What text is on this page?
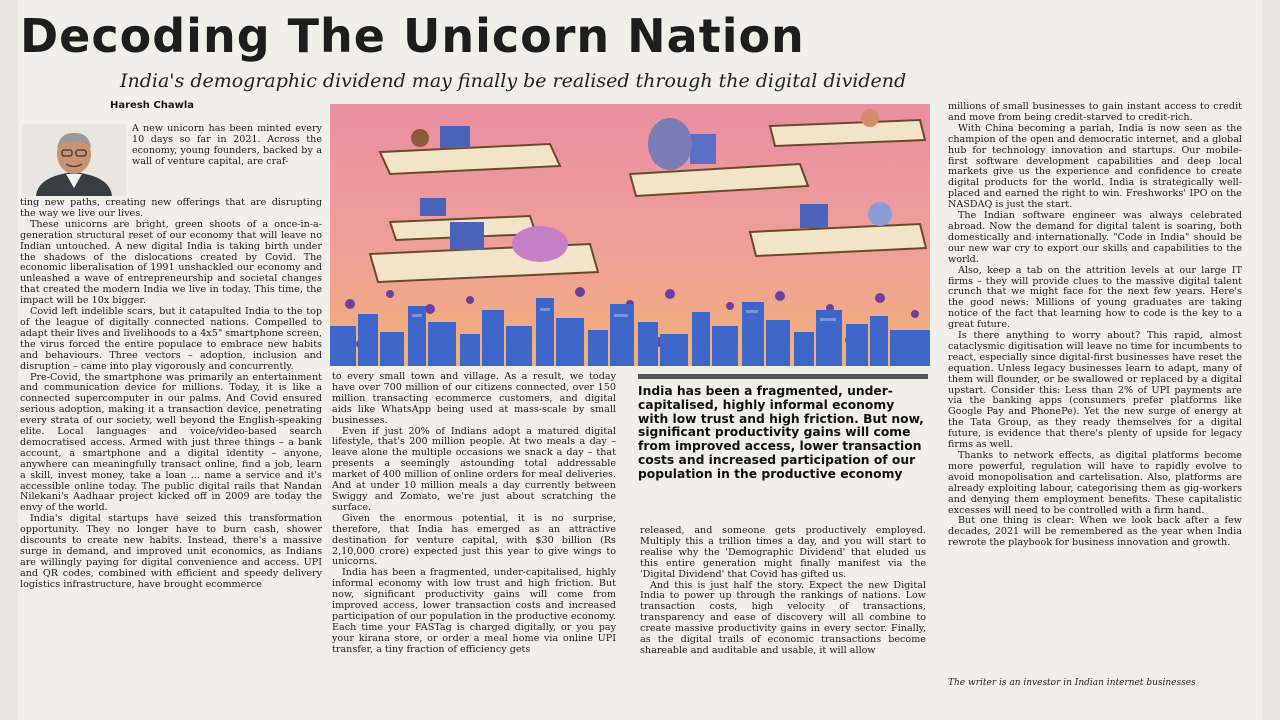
Decoding The Unicorn Nation
India's demographic dividend may finally be realised through the digital dividend
Haresh Chawla

A new unicorn has been minted every 10 days so far in 2021. Across the economy, young founders, backed by a wall of venture capital, are craf-

ting new paths, creating new offerings that are disrupting the way we live our lives.

These unicorns are bright, green shoots of a once-in-a-generation structural reset of our economy that will leave no Indian untouched. A new digital India is taking birth under the shadows of the dislocations created by Covid. The economic liberalisation of 1991 unshackled our economy and unleashed a wave of entrepreneurship and societal changes that created the modern India we live in today. This time, the impact will be 10x bigger.

Covid left indelible scars, but it catapulted India to the top of the league of digitally connected nations. Compelled to adapt their lives and livelihoods to a 4x5" smartphone screen, the virus forced the entire populace to embrace new habits and behaviours. Three vectors – adoption, inclusion and disruption – came into play vigorously and concurrently.

Pre-Covid, the smartphone was primarily an entertainment and communication device for millions. Today, it is like a connected supercomputer in our palms. And Covid ensured serious adoption, making it a transaction device, penetrating every strata of our society, well beyond the English-speaking elite. Local languages and voice/video-based search democratised access. Armed with just three things – a bank account, a smartphone and a digital identity – anyone, anywhere can meaningfully transact online, find a job, learn a skill, invest money, take a loan ... name a service and it's accessible online today. The public digital rails that Nandan Nilekani's Aadhaar project kicked off in 2009 are today the envy of the world.

India's digital startups have seized this transformation opportunity. They no longer have to burn cash, shower discounts to create new habits. Instead, there's a massive surge in demand, and improved unit economics, as Indians are willingly paying for digital convenience and access. UPI and QR codes, combined with efficient and speedy delivery logistics infrastructure, have brought ecommerce

to every small town and village. As a result, we today have over 700 million of our citizens connected, over 150 million transacting ecommerce customers, and digital aids like WhatsApp being used at mass-scale by small businesses.

Even if just 20% of Indians adopt a matured digital lifestyle, that's 200 million people. At two meals a day – leave alone the multiple occasions we snack a day – that presents a seemingly astounding total addressable market of 400 million of online orders for meal deliveries. And at under 10 million meals a day currently between Swiggy and Zomato, we're just about scratching the surface.

Given the enormous potential, it is no surprise, therefore, that India has emerged as an attractive destination for venture capital, with $30 billion (Rs 2,10,000 crore) expected just this year to give wings to unicorns.

India has been a fragmented, under-capitalised, highly informal economy with low trust and high friction. But now, significant productivity gains will come from improved access, lower transaction costs and increased participation of our population in the productive economy. Each time your FASTag is charged digitally, or you pay your kirana store, or order a meal home via online UPI transfer, a tiny fraction of efficiency gets

India has been a fragmented, under-capitalised, highly informal economy with low trust and high friction. But now, significant productivity gains will come from improved access, lower transaction costs and increased participation of our population in the productive economy

released, and someone gets productively employed. Multiply this a trillion times a day, and you will start to realise why the 'Demographic Dividend' that eluded us this entire generation might finally manifest via the 'Digital Dividend' that Covid has gifted us.

And this is just half the story. Expect the new Digital India to power up through the rankings of nations. Low transaction costs, high velocity of transactions, transparency and ease of discovery will all combine to create massive productivity gains in every sector. Finally, as the digital trails of economic transactions become shareable and auditable and usable, it will allow

millions of small businesses to gain instant access to credit and move from being credit-starved to credit-rich.

With China becoming a pariah, India is now seen as the champion of the open and democratic internet, and a global hub for technology innovation and startups. Our mobile-first software development capabilities and deep local markets give us the experience and confidence to create digital products for the world. India is strategically well-placed and earned the right to win. Freshworks' IPO on the NASDAQ is just the start.

The Indian software engineer was always celebrated abroad. Now the demand for digital talent is soaring, both domestically and internationally. "Code in India" should be our new war cry to export our skills and capabilities to the world.

Also, keep a tab on the attrition levels at our large IT firms – they will provide clues to the massive digital talent crunch that we might face for the next few years. Here's the good news: Millions of young graduates are taking notice of the fact that learning how to code is the key to a great future.

Is there anything to worry about? This rapid, almost cataclysmic digitisation will leave no time for incumbents to react, especially since digital-first businesses have reset the equation. Unless legacy businesses learn to adapt, many of them will flounder, or be swallowed or replaced by a digital upstart. Consider this: Less than 2% of UPI payments are via the banking apps (consumers prefer platforms like Google Pay and PhonePe). Yet the new surge of energy at the Tata Group, as they ready themselves for a digital future, is evidence that there's plenty of upside for legacy firms as well.

Thanks to network effects, as digital platforms become more powerful, regulation will have to rapidly evolve to avoid monopolisation and cartelisation. Also, platforms are already exploiting labour, categorising them as gig-workers and denying them employment benefits. These capitalistic excesses will need to be controlled with a firm hand.

But one thing is clear: When we look back after a few decades, 2021 will be remembered as the year when India rewrote the playbook for business innovation and growth.

The writer is an investor in Indian internet businesses
